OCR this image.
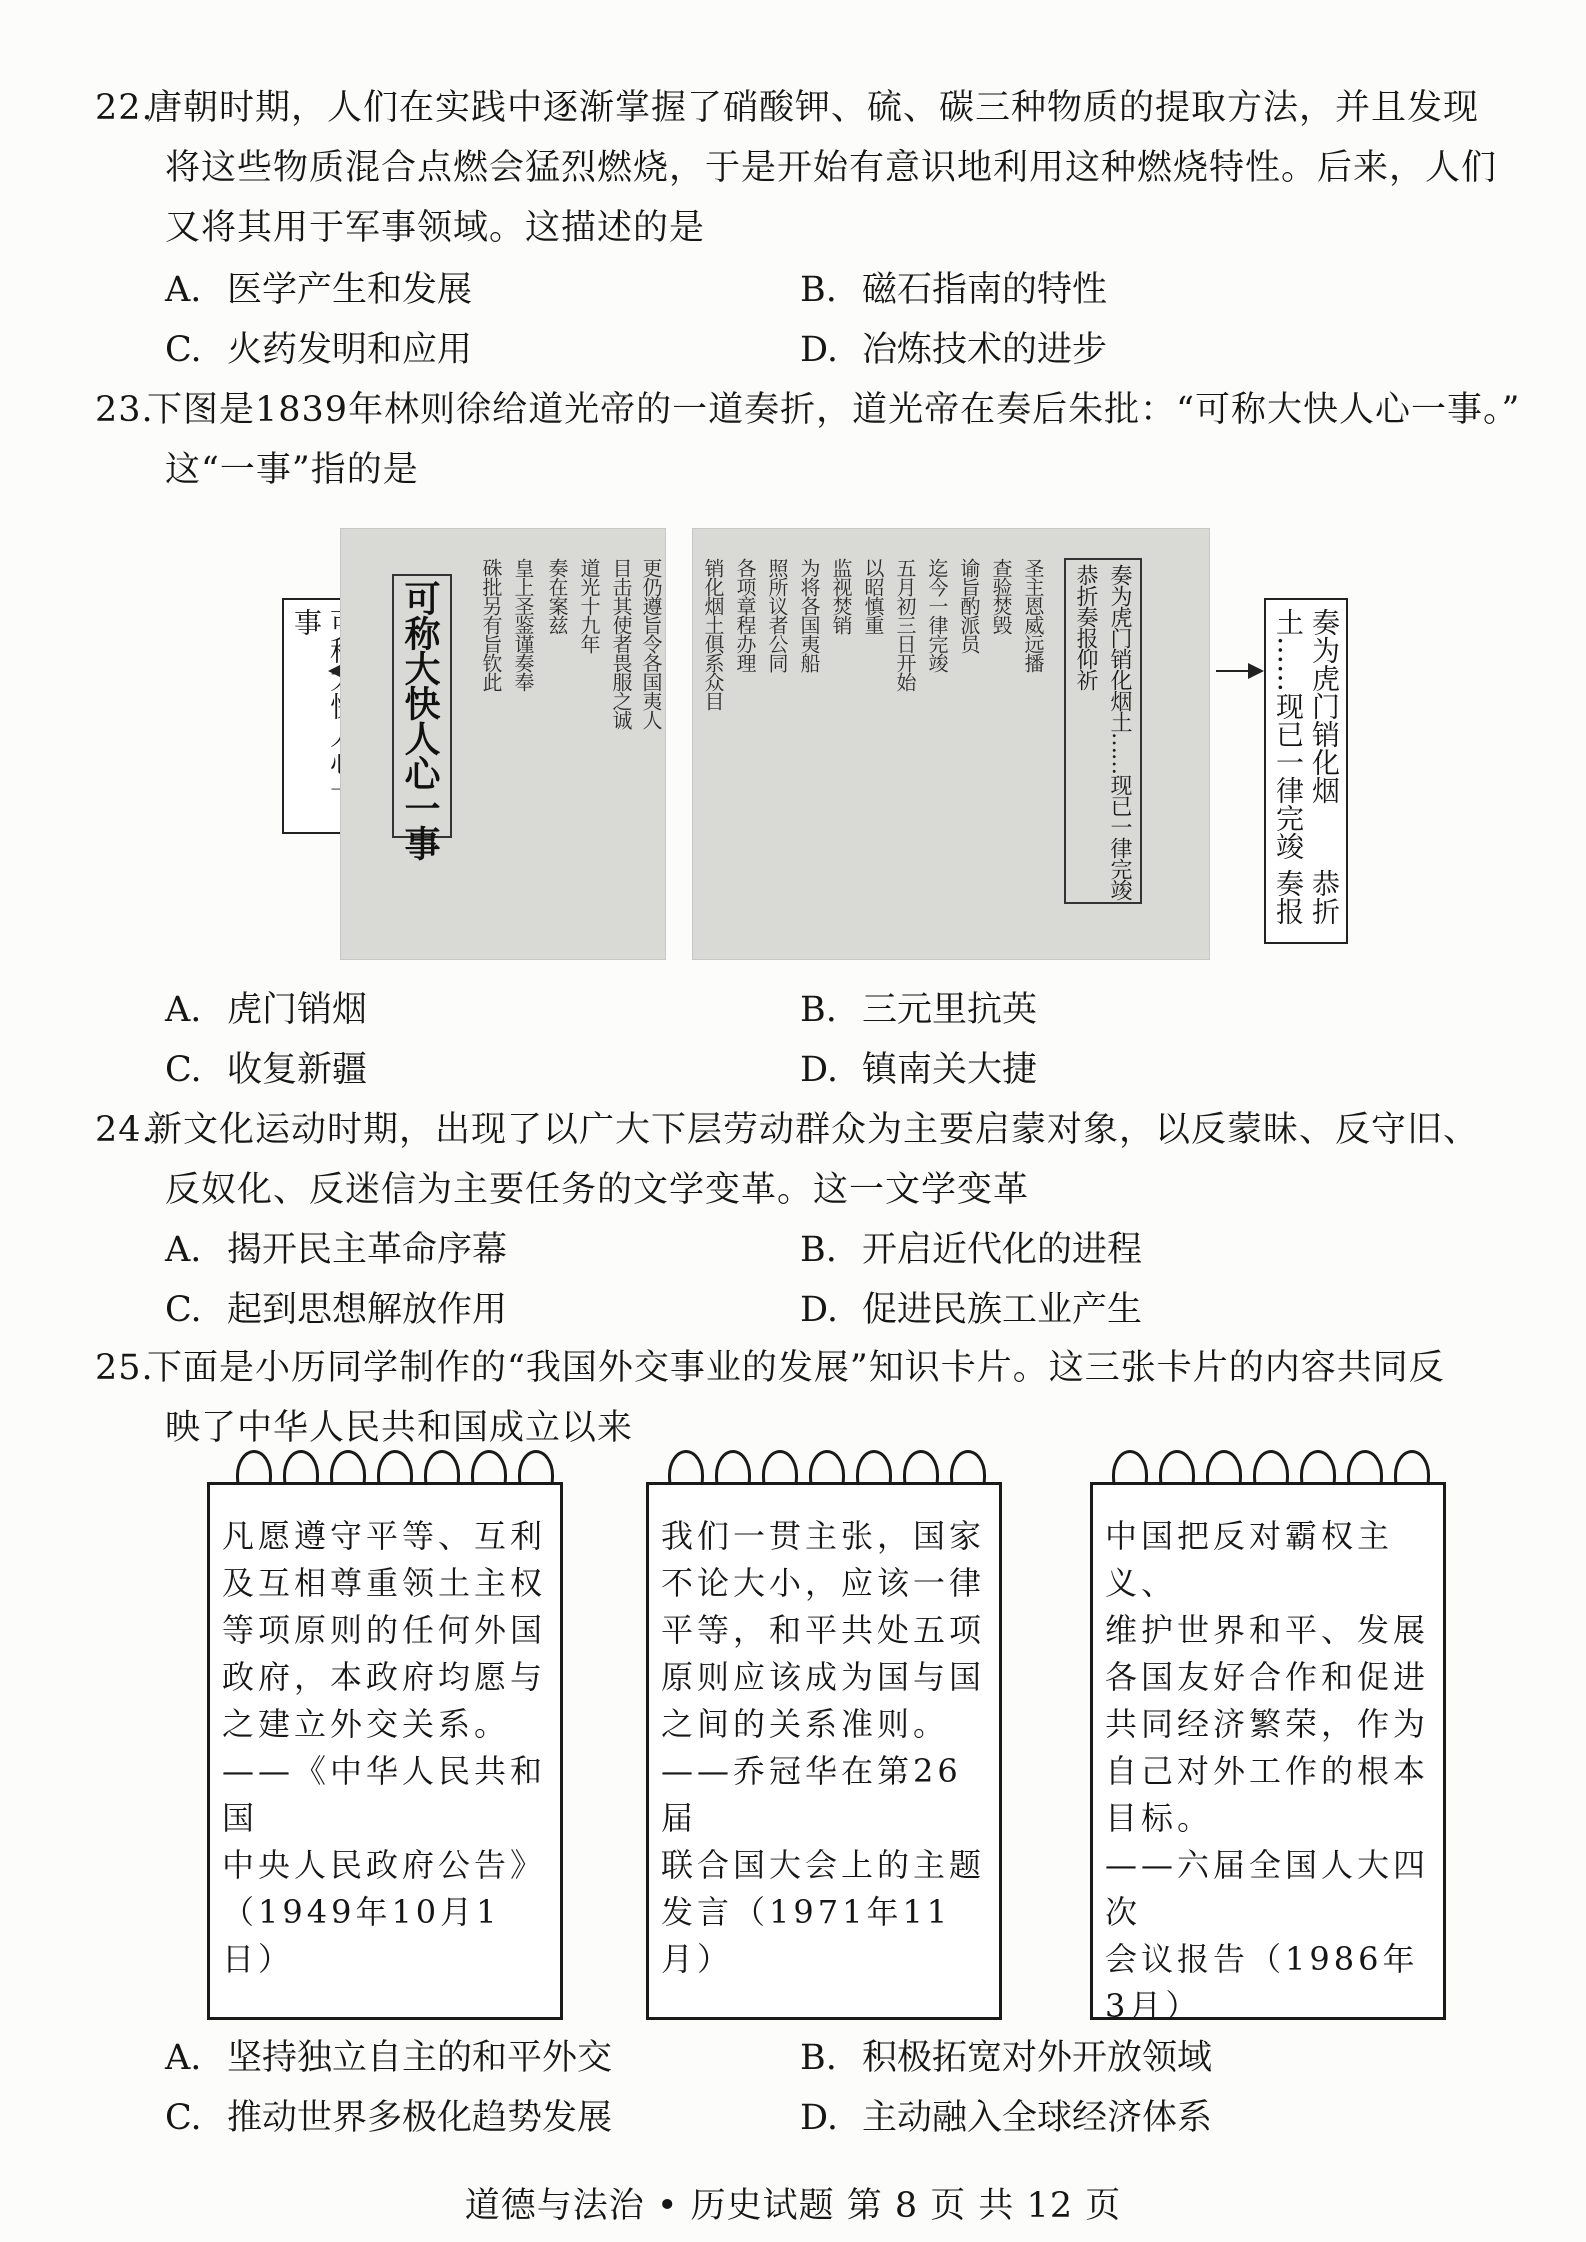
22.唐朝时期，人们在实践中逐渐掌握了硝酸钾、硫、碳三种物质的提取方法，并且发现
将这些物质混合点燃会猛烈燃烧，于是开始有意识地利用这种燃烧特性。后来，人们
又将其用于军事领域。这描述的是
A. 医学产生和发展	B. 磁石指南的特性
C. 火药发明和应用	D. 冶炼技术的进步
23.下图是1839年林则徐给道光帝的一道奏折，道光帝在奏后朱批：“可称大快人心一事。”
这“一事”指的是
事	可称大快人心一事	皇上圣鉴谨奏奉
硃批另有旨钦此 奏在案兹 道光十九年 目击其使者畏服之诚 更仍遵旨令各国夷人 销化烟土俱系众目 各项章程办理 照所议者公同 为将各国夷船 监视焚销 以昭慎重 五月初三日开始 迄今一律完竣 谕旨酌派员 查验焚毁 圣主恩威远播 恭折奏报仰祈 奏为虎门销化烟土……现已一律完竣	奏为虎门销化烟土……现已一律完竣
恭折奏报
A. 虎门销烟	B. 三元里抗英
C. 收复新疆	D. 镇南关大捷
24.新文化运动时期，出现了以广大下层劳动群众为主要启蒙对象，以反蒙昧、反守旧、
反奴化、反迷信为主要任务的文学变革。这一文学变革
A. 揭开民主革命序幕	B. 开启近代化的进程
C. 起到思想解放作用	D. 促进民族工业产生
25.下面是小历同学制作的“我国外交事业的发展”知识卡片。这三张卡片的内容共同反
映了中华人民共和国成立以来
凡愿遵守平等、互利
及互相尊重领土主权
等项原则的任何外国
政府，本政府均愿与
之建立外交关系。
——《中华人民共和国
中央人民政府公告》
（1949年10月1日）
我们一贯主张，国家
不论大小，应该一律
平等，和平共处五项
原则应该成为国与国
之间的关系准则。
——乔冠华在第26届
联合国大会上的主题
发言（1971年11月）
中国把反对霸权主义、
维护世界和平、发展
各国友好合作和促进
共同经济繁荣，作为
自己对外工作的根本
目标。
——六届全国人大四次
会议报告（1986年3月）
A. 坚持独立自主的和平外交	B. 积极拓宽对外开放领域
C. 推动世界多极化趋势发展	D. 主动融入全球经济体系
道德与法治 • 历史试题 第 8 页 共 12 页
